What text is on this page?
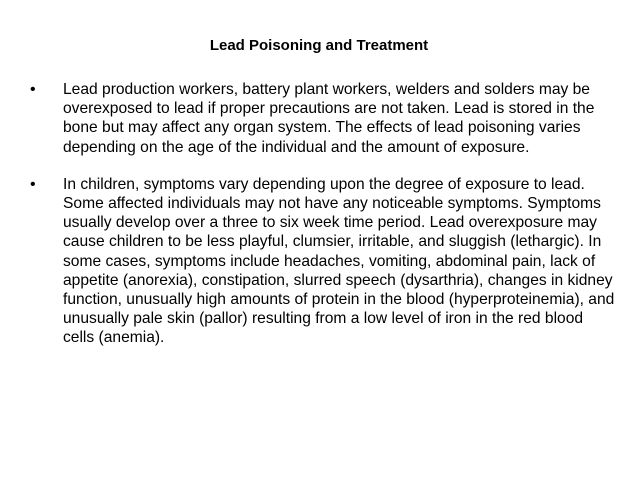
Lead Poisoning and Treatment
• Lead production workers, battery plant workers, welders and solders may be overexposed to lead if proper precautions are not taken. Lead is stored in the bone but may affect any organ system. The effects of lead poisoning varies depending on the age of the individual and the amount of exposure.
• In children, symptoms vary depending upon the degree of exposure to lead. Some affected individuals may not have any noticeable symptoms. Symptoms usually develop over a three to six week time period. Lead overexposure may cause children to be less playful, clumsier, irritable, and sluggish (lethargic). In some cases, symptoms include headaches, vomiting, abdominal pain, lack of appetite (anorexia), constipation, slurred speech (dysarthria), changes in kidney function, unusually high amounts of protein in the blood (hyperproteinemia), and unusually pale skin (pallor) resulting from a low level of iron in the red blood cells (anemia).
